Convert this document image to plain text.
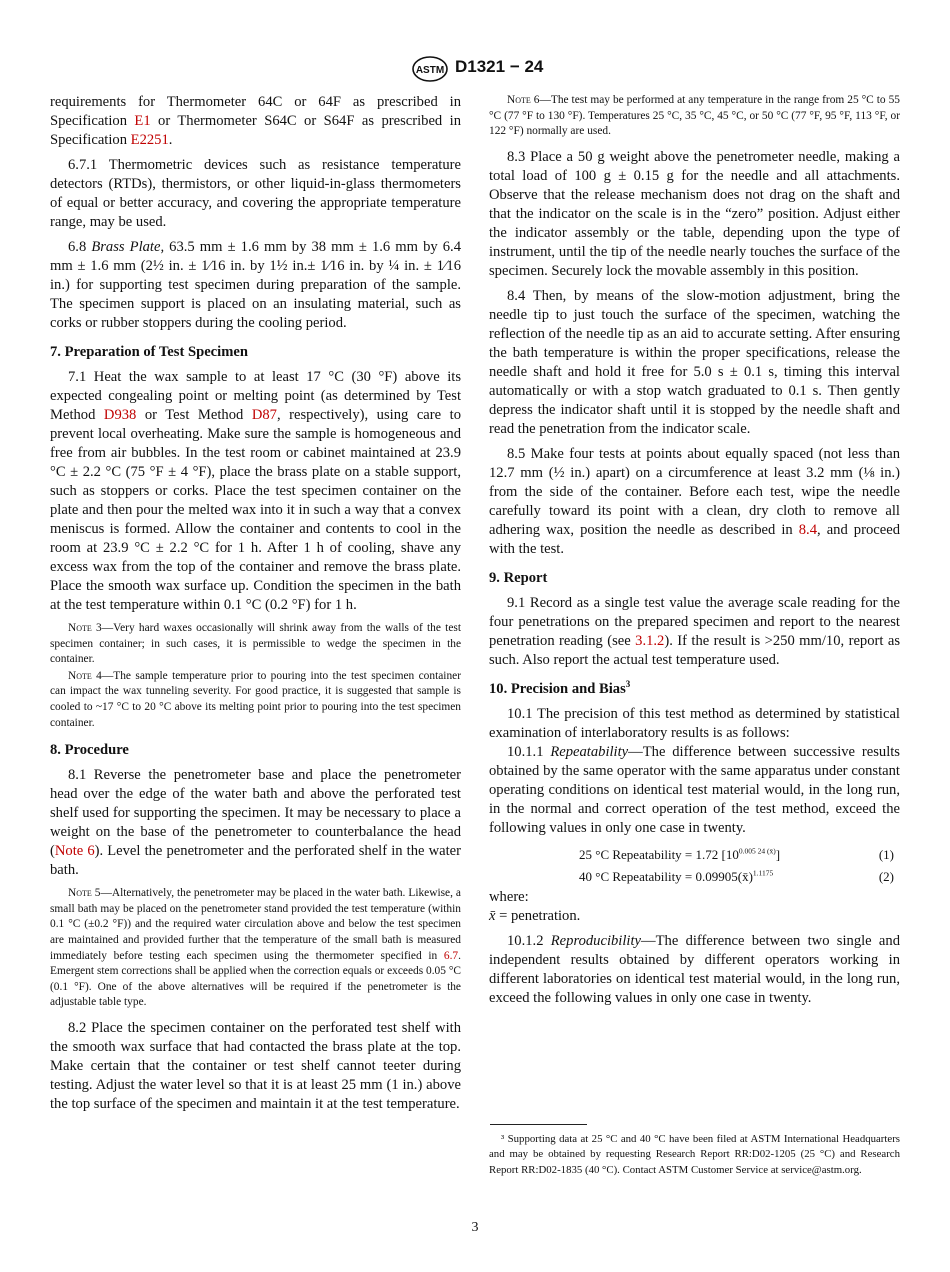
ASTM D1321 − 24
requirements for Thermometer 64C or 64F as prescribed in Specification E1 or Thermometer S64C or S64F as prescribed in Specification E2251.
6.7.1 Thermometric devices such as resistance temperature detectors (RTDs), thermistors, or other liquid-in-glass thermometers of equal or better accuracy, and covering the appropriate temperature range, may be used.
6.8 Brass Plate, 63.5 mm ± 1.6 mm by 38 mm ± 1.6 mm by 6.4 mm ± 1.6 mm (2½ in. ± 1⁄16 in. by 1½ in.± 1⁄16 in. by ¼ in. ± 1⁄16 in.) for supporting test specimen during preparation of the sample. The specimen support is placed on an insulating material, such as corks or rubber stoppers during the cooling period.
7. Preparation of Test Specimen
7.1 Heat the wax sample to at least 17 °C (30 °F) above its expected congealing point or melting point (as determined by Test Method D938 or Test Method D87, respectively), using care to prevent local overheating. Make sure the sample is homogeneous and free from air bubbles. In the test room or cabinet maintained at 23.9 °C ± 2.2 °C (75 °F ± 4 °F), place the brass plate on a stable support, such as stoppers or corks. Place the test specimen container on the plate and then pour the melted wax into it in such a way that a convex meniscus is formed. Allow the container and contents to cool in the room at 23.9 °C ± 2.2 °C for 1 h. After 1 h of cooling, shave any excess wax from the top of the container and remove the brass plate. Place the smooth wax surface up. Condition the specimen in the bath at the test temperature within 0.1 °C (0.2 °F) for 1 h.
Note 3—Very hard waxes occasionally will shrink away from the walls of the test specimen container; in such cases, it is permissible to wedge the specimen in the container.
Note 4—The sample temperature prior to pouring into the test specimen container can impact the wax tunneling severity. For good practice, it is suggested that sample is cooled to ~17 °C to 20 °C above its melting point prior to pouring into the test specimen container.
8. Procedure
8.1 Reverse the penetrometer base and place the penetrometer head over the edge of the water bath and above the perforated test shelf used for supporting the specimen. It may be necessary to place a weight on the base of the penetrometer to counterbalance the head (Note 6). Level the penetrometer and the perforated shelf in the water bath.
Note 5—Alternatively, the penetrometer may be placed in the water bath. Likewise, a small bath may be placed on the penetrometer stand provided the test temperature (within 0.1 °C (±0.2 °F)) and the required water circulation above and below the test specimen are maintained and provided further that the temperature of the small bath is measured immediately before testing each specimen using the thermometer specified in 6.7. Emergent stem corrections shall be applied when the correction equals or exceeds 0.05 °C (0.1 °F). One of the above alternatives will be required if the penetrometer is the adjustable table type.
8.2 Place the specimen container on the perforated test shelf with the smooth wax surface that had contacted the brass plate at the top. Make certain that the container or test shelf cannot teeter during testing. Adjust the water level so that it is at least 25 mm (1 in.) above the top surface of the specimen and maintain it at the test temperature.
Note 6—The test may be performed at any temperature in the range from 25 °C to 55 °C (77 °F to 130 °F). Temperatures 25 °C, 35 °C, 45 °C, or 50 °C (77 °F, 95 °F, 113 °F, or 122 °F) normally are used.
8.3 Place a 50 g weight above the penetrometer needle, making a total load of 100 g ± 0.15 g for the needle and all attachments. Observe that the release mechanism does not drag on the shaft and that the indicator on the scale is in the “zero” position. Adjust either the indicator assembly or the table, depending upon the type of instrument, until the tip of the needle nearly touches the surface of the specimen. Securely lock the movable assembly in this position.
8.4 Then, by means of the slow-motion adjustment, bring the needle tip to just touch the surface of the specimen, watching the reflection of the needle tip as an aid to accurate setting. After ensuring the bath temperature is within the proper specifications, release the needle shaft and hold it free for 5.0 s ± 0.1 s, timing this interval automatically or with a stop watch graduated to 0.1 s. Then gently depress the indicator shaft until it is stopped by the needle shaft and read the penetration from the indicator scale.
8.5 Make four tests at points about equally spaced (not less than 12.7 mm (½ in.) apart) on a circumference at least 3.2 mm (⅛ in.) from the side of the container. Before each test, wipe the needle carefully toward its point with a clean, dry cloth to remove all adhering wax, position the needle as described in 8.4, and proceed with the test.
9. Report
9.1 Record as a single test value the average scale reading for the four penetrations on the prepared specimen and report to the nearest penetration reading (see 3.1.2). If the result is >250 mm/10, report as such. Also report the actual test temperature used.
10. Precision and Bias$^3$
10.1 The precision of this test method as determined by statistical examination of interlaboratory results is as follows:
10.1.1 Repeatability—The difference between successive results obtained by the same operator with the same apparatus under constant operating conditions on identical test material would, in the long run, in the normal and correct operation of the test method, exceed the following values in only one case in twenty.
25 °C Repeatability = 1.72 $[10^{0.005 24 (x̄)}]$	(1)
40 °C Repeatability = 0.09905(x̄)$^{1.1175}$	(2)
where:
x̄ = penetration.
10.1.2 Reproducibility—The difference between two single and independent results obtained by different operators working in different laboratories on identical test material would, in the long run, exceed the following values in only one case in twenty.
³ Supporting data at 25 °C and 40 °C have been filed at ASTM International Headquarters and may be obtained by requesting Research Report RR:D02-1205 (25 °C) and Research Report RR:D02-1835 (40 °C). Contact ASTM Customer Service at service@astm.org.
3
